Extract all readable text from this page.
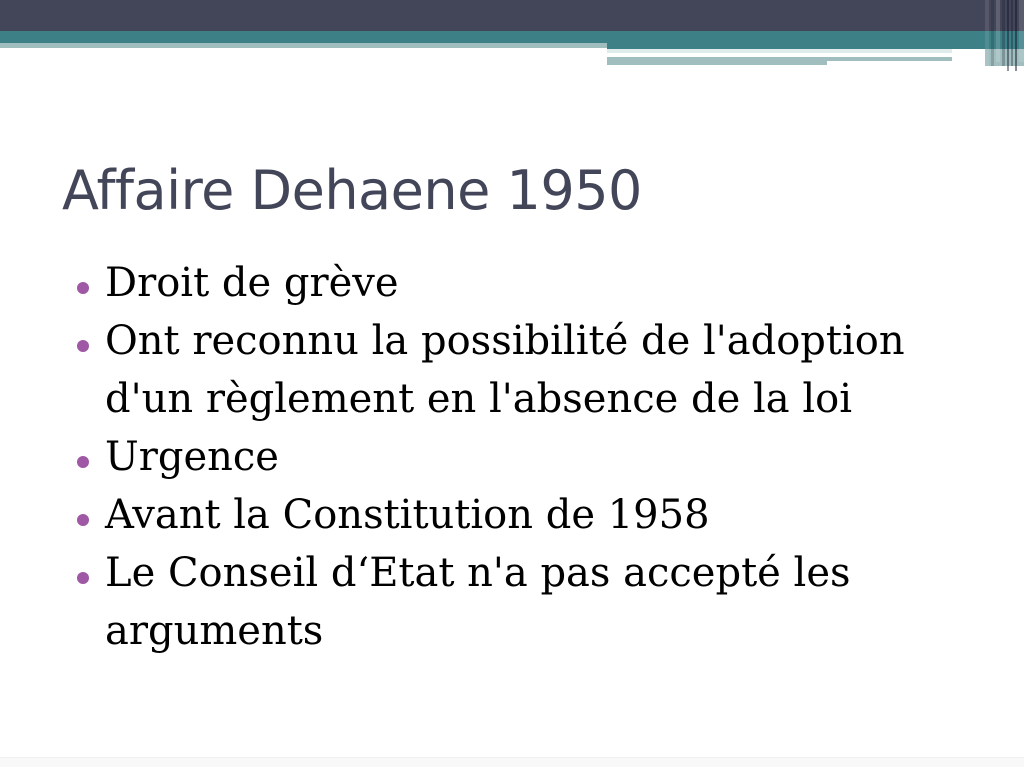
Affaire Dehaene 1950
Droit de grève
Ont reconnu la possibilité de l'adoption
d'un règlement en l'absence de la loi
Urgence
Avant la Constitution de 1958
Le Conseil d‘Etat n'a pas accepté les
arguments
